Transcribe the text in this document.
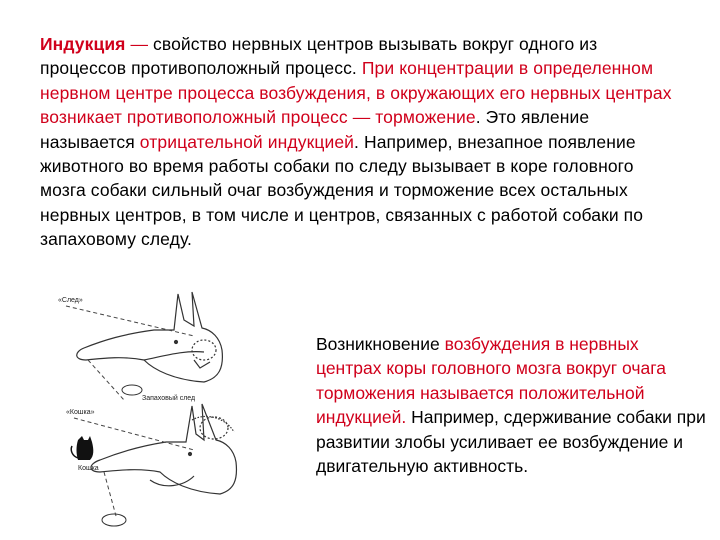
Индукция — свойство нервных центров вызывать вокруг одного из процессов противоположный процесс. При концентрации в определенном нервном центре процесса возбуждения, в окружающих его нервных центрах возникает противоположный процесс — торможение. Это явление называется отрицательной индукцией. Например, внезапное появление животного во время работы собаки по следу вызывает в коре головного мозга собаки сильный очаг возбуждения и торможение всех остальных нервных центров, в том числе и центров, связанных с работой собаки по запаховому следу.
Возникновение возбуждения в нервных центрах коры головного мозга вокруг очага торможения называется положительной индукцией. Например, сдерживание собаки при развитии злобы усиливает ее возбуждение и двигательную активность.
«След»
Запаховый след
«Кошка»
Кошка
